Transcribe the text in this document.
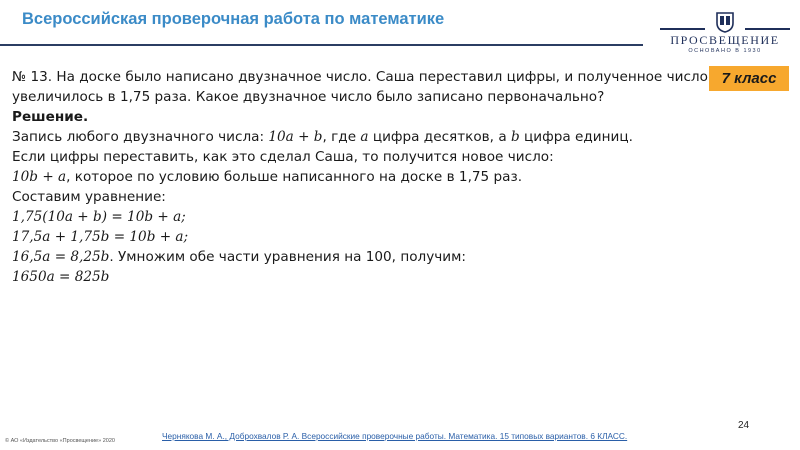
Всероссийская проверочная работа по математике
ПРОСВЕЩЕНИЕ
ОСНОВАНО В 1930
7 класс

№ 13. На доске было написано двузначное число. Саша переставил цифры, и полученное число

увеличилось в 1,75 раза. Какое двузначное число было записано первоначально?

Решение.

Запись любого двузначного числа: 10a + b, где a цифра десятков, а b цифра единиц.

Если цифры переставить, как это сделал Саша, то получится новое число:

10b + a, которое по условию больше написанного на доске в 1,75 раз.

Составим уравнение:

1,75(10a + b) = 10b + a;

17,5a + 1,75b = 10b + a;

16,5a = 8,25b. Умножим обе части уравнения на 100, получим:

1650a = 825b

24
Чернякова М. А., Доброхвалов Р. А. Всероссийские проверочные работы. Математика. 15 типовых вариантов. 6 КЛАСС.
© АО «Издательство «Просвещение» 2020
